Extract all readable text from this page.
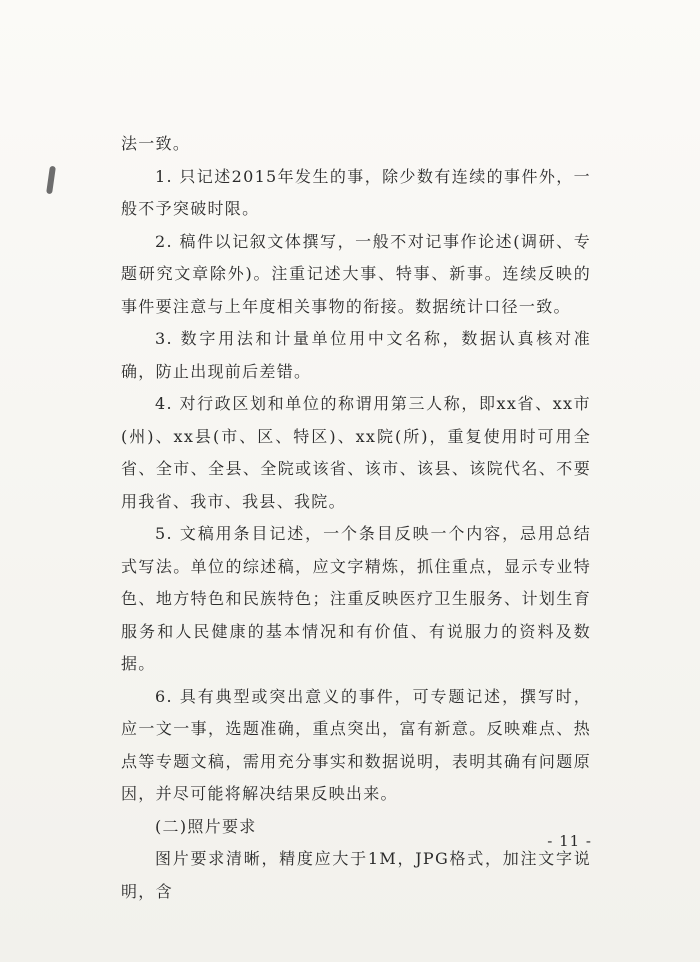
法一致。

1. 只记述2015年发生的事，除少数有连续的事件外，一般不予突破时限。

2. 稿件以记叙文体撰写，一般不对记事作论述(调研、专题研究文章除外)。注重记述大事、特事、新事。连续反映的事件要注意与上年度相关事物的衔接。数据统计口径一致。

3. 数字用法和计量单位用中文名称，数据认真核对准确，防止出现前后差错。

4. 对行政区划和单位的称谓用第三人称，即xx省、xx市(州)、xx县(市、区、特区)、xx院(所)，重复使用时可用全省、全市、全县、全院或该省、该市、该县、该院代名、不要用我省、我市、我县、我院。

5. 文稿用条目记述，一个条目反映一个内容，忌用总结式写法。单位的综述稿，应文字精炼，抓住重点，显示专业特色、地方特色和民族特色；注重反映医疗卫生服务、计划生育服务和人民健康的基本情况和有价值、有说服力的资料及数据。

6. 具有典型或突出意义的事件，可专题记述，撰写时，应一文一事，选题准确，重点突出，富有新意。反映难点、热点等专题文稿，需用充分事实和数据说明，表明其确有问题原因，并尽可能将解决结果反映出来。

(二)照片要求

图片要求清晰，精度应大于1M，JPG格式，加注文字说明，含

- 11 -
